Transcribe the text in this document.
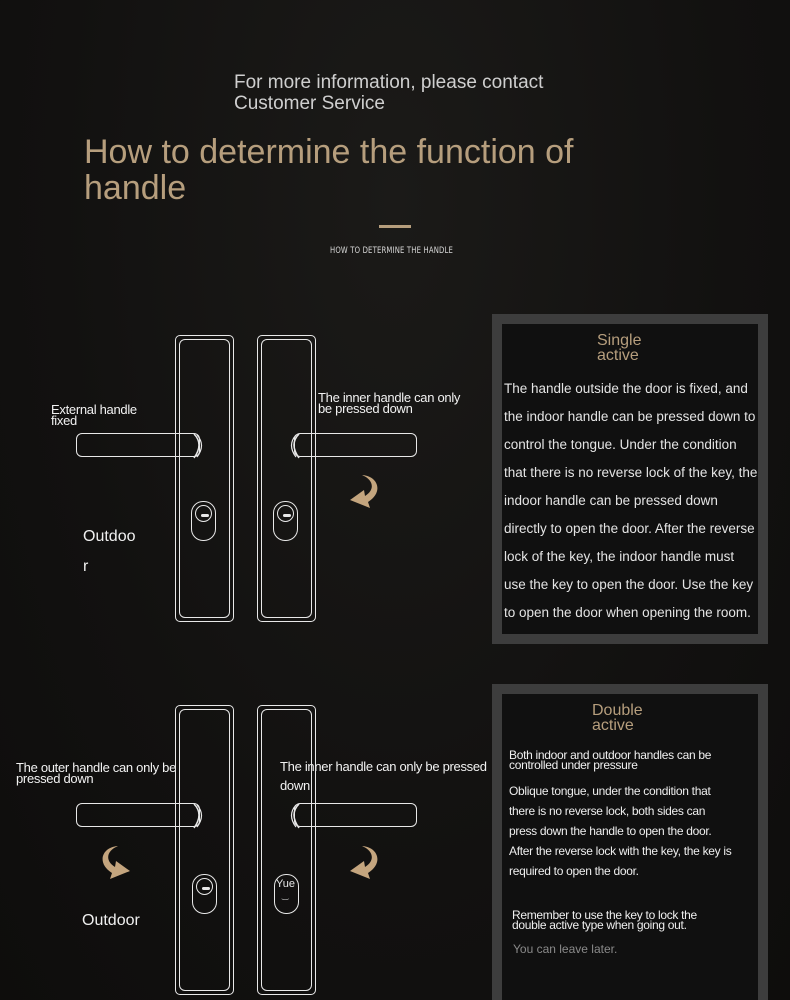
For more information, please contact
Customer Service
How to determine the function of
handle
HOW TO DETERMINE THE HANDLE
External handle
fixed
The inner handle can only
be pressed down
Outdoo
r
Single
active
The handle outside the door is fixed, and
the indoor handle can be pressed down to
control the tongue. Under the condition
that there is no reverse lock of the key, the
indoor handle can be pressed down
directly to open the door. After the reverse
lock of the key, the indoor handle must
use the key to open the door. Use the key
to open the door when opening the room.
The outer handle can only be
pressed down
The inner handle can only be pressed
down
Yue
‿
Outdoor
Double
active
Both indoor and outdoor handles can be
controlled under pressure
Oblique tongue, under the condition that
there is no reverse lock, both sides can
press down the handle to open the door.
After the reverse lock with the key, the key is
required to open the door.
Remember to use the key to lock the
double active type when going out.
You can leave later.
